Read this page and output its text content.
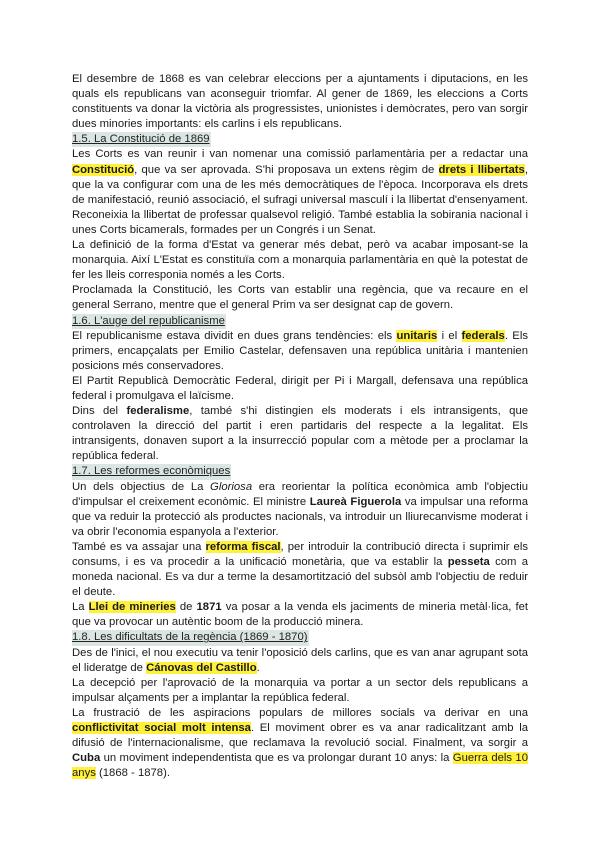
El desembre de 1868 es van celebrar eleccions per a ajuntaments i diputacions, en les quals els republicans van aconseguir triomfar. Al gener de 1869, les eleccions a Corts constituents va donar la victòria als progressistes, unionistes i demòcrates, pero van sorgir dues minories importants: els carlins i els republicans.

1.5. La Constitució de 1869

Les Corts es van reunir i van nomenar una comissió parlamentària per a redactar una Constitució, que va ser aprovada. S'hi proposava un extens règim de drets i llibertats, que la va configurar com una de les més democràtiques de l'època. Incorporava els drets de manifestació, reunió associació, el sufragi universal masculí i la llibertat d'ensenyament. Reconeixia la llibertat de professar qualsevol religió. També establia la sobirania nacional i unes Corts bicamerals, formades per un Congrés i un Senat.

La definició de la forma d'Estat va generar més debat, però va acabar imposant-se la monarquia. Així L'Estat es constituïa com a monarquia parlamentària en què la potestat de fer les lleis corresponia només a les Corts.

Proclamada la Constitució, les Corts van establir una regència, que va recaure en el general Serrano, mentre que el general Prim va ser designat cap de govern.

1.6. L'auge del republicanisme

El republicanisme estava dividit en dues grans tendències: els unitaris i el federals. Els primers, encapçalats per Emilio Castelar, defensaven una república unitària i mantenien posicions més conservadores.

El Partit Republicà Democràtic Federal, dirigit per Pi i Margall, defensava una república federal i promulgava el laïcisme.

Dins del federalisme, també s'hi distingien els moderats i els intransigents, que controlaven la direcció del partit i eren partidaris del respecte a la legalitat. Els intransigents, donaven suport a la insurrecció popular com a mètode per a proclamar la república federal.

1.7. Les reformes econòmiques

Un dels objectius de La Gloriosa era reorientar la política econòmica amb l'objectiu d'impulsar el creixement econòmic. El ministre Laureà Figuerola va impulsar una reforma que va reduir la protecció als productes nacionals, va introduir un lliurecanvisme moderat i va obrir l'economia espanyola a l'exterior.

També es va assajar una reforma fiscal, per introduir la contribució directa i suprimir els consums, i es va procedir a la unificació monetària, que va establir la pesseta com a moneda nacional. Es va dur a terme la desamortització del subsòl amb l'objectiu de reduir el deute.

La Llei de mineries de 1871 va posar a la venda els jaciments de mineria metàl·lica, fet que va provocar un autèntic boom de la producció minera.

1.8. Les dificultats de la regència (1869 - 1870)

Des de l'inici, el nou executiu va tenir l'oposició dels carlins, que es van anar agrupant sota el lideratge de Cánovas del Castillo.

La decepció per l'aprovació de la monarquia va portar a un sector dels republicans a impulsar alçaments per a implantar la república federal.

La frustració de les aspiracions populars de millores socials va derivar en una conflictivitat social molt intensa. El moviment obrer es va anar radicalitzant amb la difusió de l'internacionalisme, que reclamava la revolució social. Finalment, va sorgir a Cuba un moviment independentista que es va prolongar durant 10 anys: la Guerra dels 10 anys (1868 - 1878).
